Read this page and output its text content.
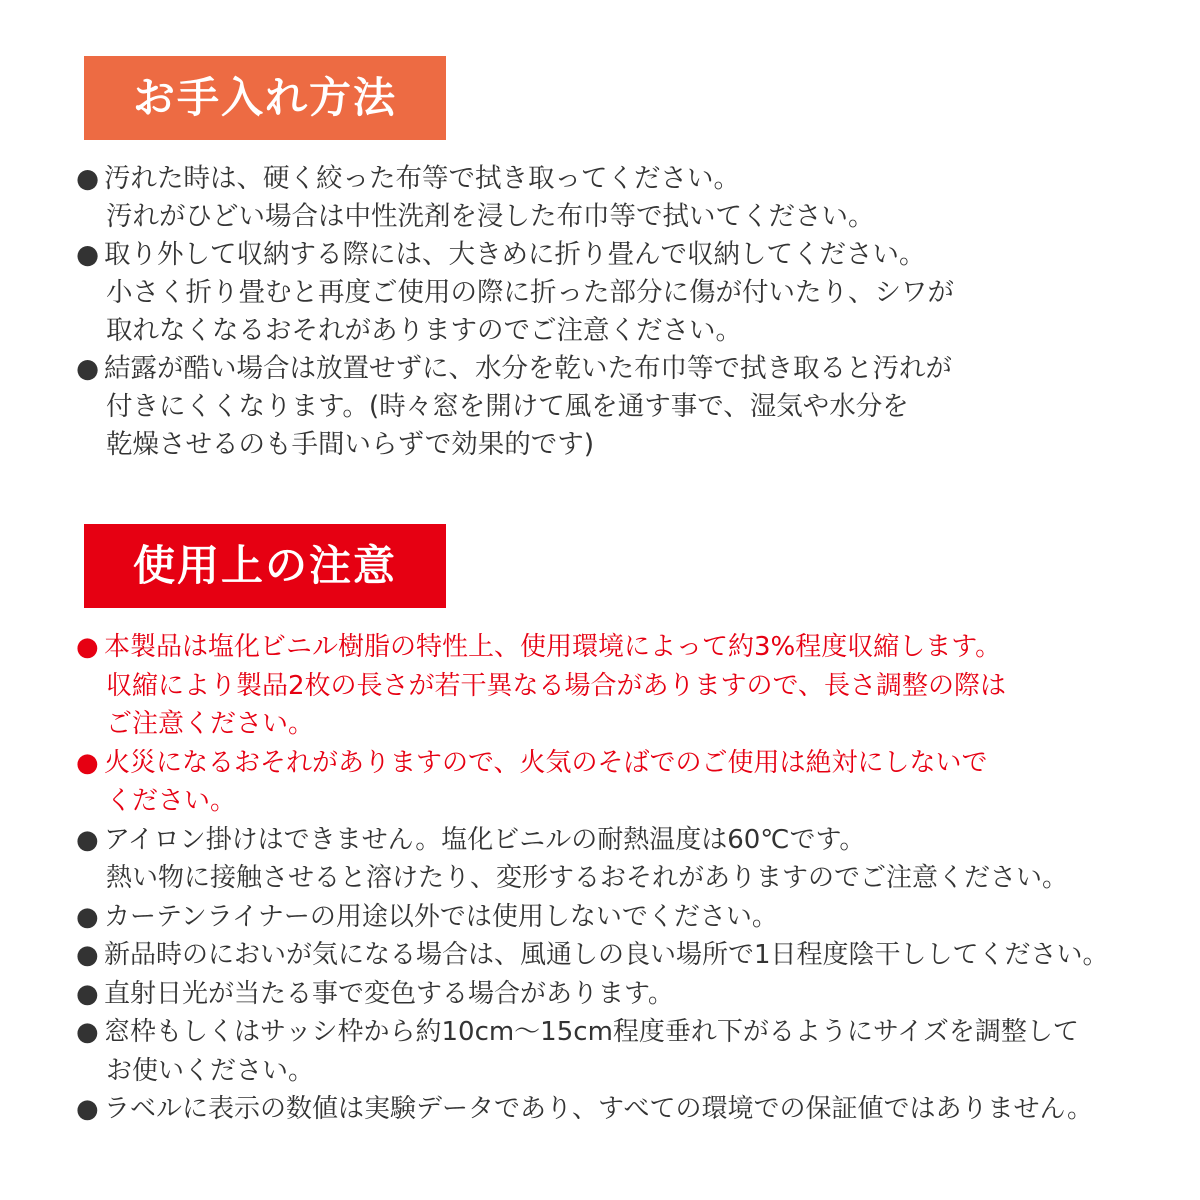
お手入れ方法
● 汚れた時は、硬く絞った布等で拭き取ってください。
汚れがひどい場合は中性洗剤を浸した布巾等で拭いてください。
● 取り外して収納する際には、大きめに折り畳んで収納してください。
小さく折り畳むと再度ご使用の際に折った部分に傷が付いたり、シワが
取れなくなるおそれがありますのでご注意ください。
● 結露が酷い場合は放置せずに、水分を乾いた布巾等で拭き取ると汚れが
付きにくくなります。(時々窓を開けて風を通す事で、湿気や水分を
乾燥させるのも手間いらずで効果的です)
使用上の注意
● 本製品は塩化ビニル樹脂の特性上、使用環境によって約3%程度収縮します。
収縮により製品2枚の長さが若干異なる場合がありますので、長さ調整の際は
ご注意ください。
● 火災になるおそれがありますので、火気のそばでのご使用は絶対にしないで
ください。
● アイロン掛けはできません。塩化ビニルの耐熱温度は60℃です。
熱い物に接触させると溶けたり、変形するおそれがありますのでご注意ください。
● カーテンライナーの用途以外では使用しないでください。
● 新品時のにおいが気になる場合は、風通しの良い場所で1日程度陰干ししてください。
● 直射日光が当たる事で変色する場合があります。
● 窓枠もしくはサッシ枠から約10cm〜15cm程度垂れ下がるようにサイズを調整して
お使いください。
● ラベルに表示の数値は実験データであり、すべての環境での保証値ではありません。
